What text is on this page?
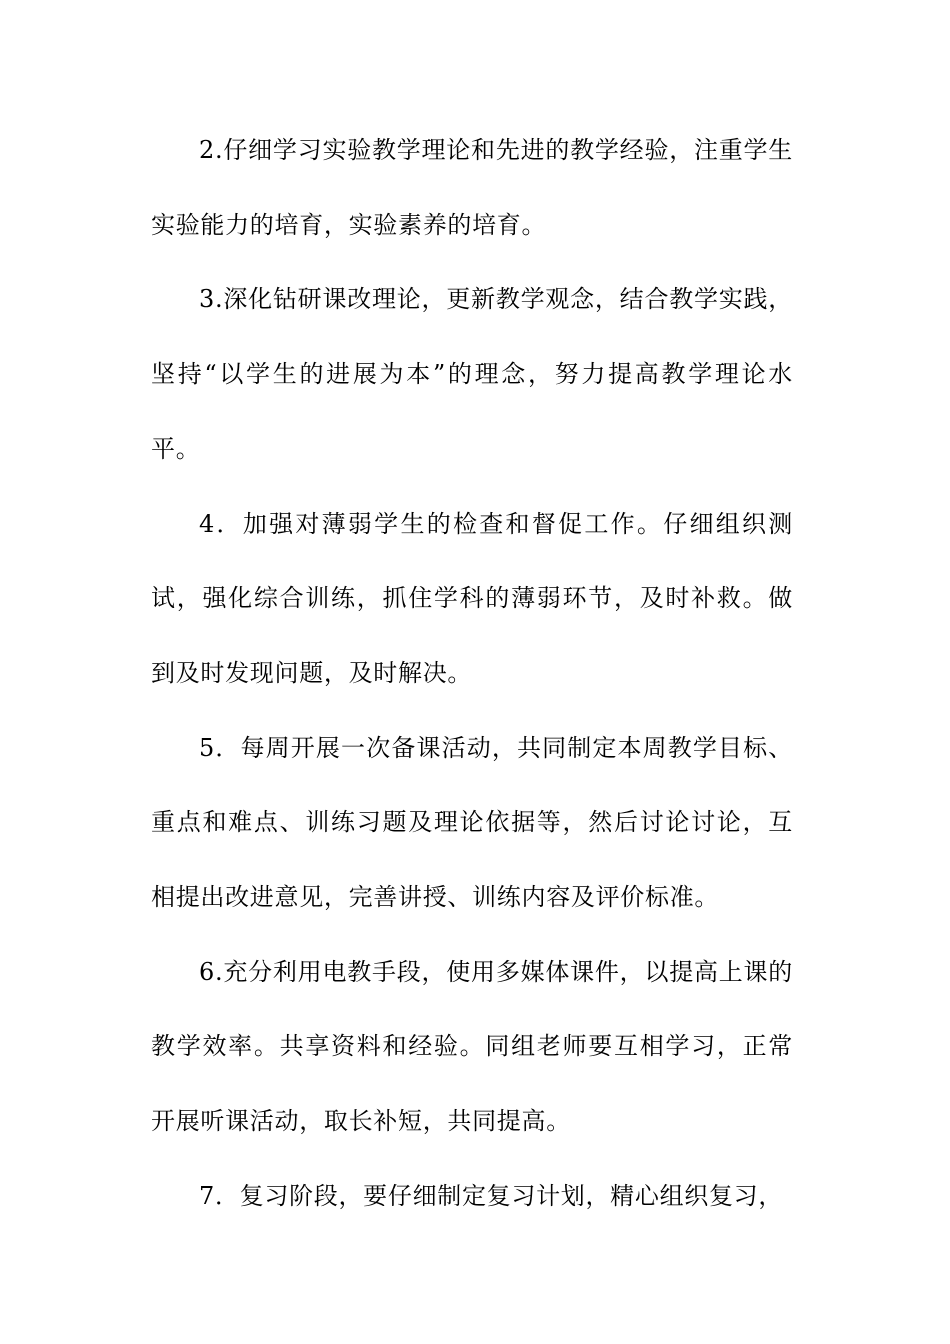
2.仔细学习实验教学理论和先进的教学经验，注重学生实验能力的培育，实验素养的培育。

3.深化钻研课改理论，更新教学观念，结合教学实践，坚持“以学生的进展为本”的理念，努力提高教学理论水平。

4．加强对薄弱学生的检查和督促工作。仔细组织测试，强化综合训练，抓住学科的薄弱环节，及时补救。做到及时发现问题，及时解决。

5．每周开展一次备课活动，共同制定本周教学目标、重点和难点、训练习题及理论依据等，然后讨论讨论，互相提出改进意见，完善讲授、训练内容及评价标准。

6.充分利用电教手段，使用多媒体课件，以提高上课的教学效率。共享资料和经验。同组老师要互相学习，正常开展听课活动，取长补短，共同提高。

7．复习阶段，要仔细制定复习计划，精心组织复习，
